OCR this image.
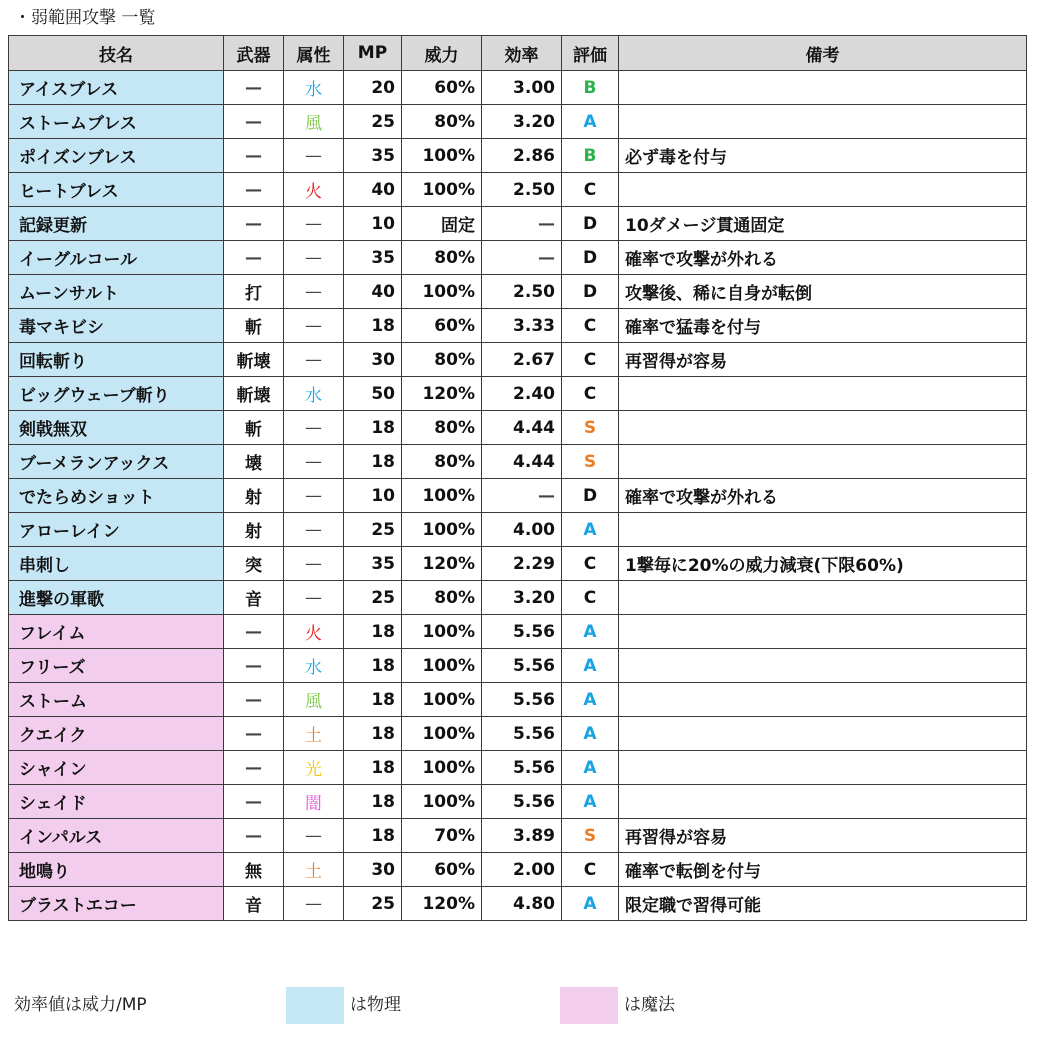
・弱範囲攻撃 一覧
技名	武器	属性	MP	威力	効率	評価	備考
アイスブレス	—	水	20	60%	3.00	B	
ストームブレス	—	風	25	80%	3.20	A	
ポイズンブレス	—	—	35	100%	2.86	B	必ず毒を付与
ヒートブレス	—	火	40	100%	2.50	C	
記録更新	—	—	10	固定	—	D	10ダメージ貫通固定
イーグルコール	—	—	35	80%	—	D	確率で攻撃が外れる
ムーンサルト	打	—	40	100%	2.50	D	攻撃後、稀に自身が転倒
毒マキビシ	斬	—	18	60%	3.33	C	確率で猛毒を付与
回転斬り	斬壊	—	30	80%	2.67	C	再習得が容易
ビッグウェーブ斬り	斬壊	水	50	120%	2.40	C	
剣戟無双	斬	—	18	80%	4.44	S	
ブーメランアックス	壊	—	18	80%	4.44	S	
でたらめショット	射	—	10	100%	—	D	確率で攻撃が外れる
アローレイン	射	—	25	100%	4.00	A	
串刺し	突	—	35	120%	2.29	C	1撃毎に20%の威力減衰(下限60%)
進撃の軍歌	音	—	25	80%	3.20	C	
フレイム	—	火	18	100%	5.56	A	
フリーズ	—	水	18	100%	5.56	A	
ストーム	—	風	18	100%	5.56	A	
クエイク	—	土	18	100%	5.56	A	
シャイン	—	光	18	100%	5.56	A	
シェイド	—	闇	18	100%	5.56	A	
インパルス	—	—	18	70%	3.89	S	再習得が容易
地鳴り	無	土	30	60%	2.00	C	確率で転倒を付与
ブラストエコー	音	—	25	120%	4.80	A	限定職で習得可能
効率値は威力/MP	は物理	は魔法
